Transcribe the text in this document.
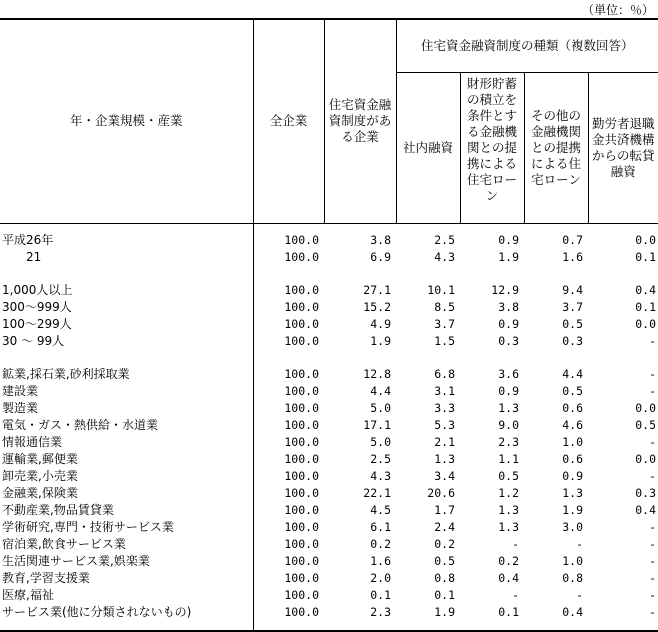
（単位：％）
年・企業規模・産業	全企業	住宅資金融資制度がある企業	住宅資金融資制度の種類（複数回答）			
			社内融資	財形貯蓄の積立を条件とする金融機関との提携による住宅ローン	その他の金融機関との提携による住宅ローン	勤労者退職金共済機構からの転貸融資
平成26年	100.0	3.8	2.5	0.9	0.7	0.0
　　21	100.0	6.9	4.3	1.9	1.6	0.1

1,000人以上	100.0	27.1	10.1	12.9	9.4	0.4
300～999人	100.0	15.2	8.5	3.8	3.7	0.1
100～299人	100.0	4.9	3.7	0.9	0.5	0.0
30 ～ 99人	100.0	1.9	1.5	0.3	0.3	-

鉱業,採石業,砂利採取業	100.0	12.8	6.8	3.6	4.4	-
建設業	100.0	4.4	3.1	0.9	0.5	-
製造業	100.0	5.0	3.3	1.3	0.6	0.0
電気・ガス・熱供給・水道業	100.0	17.1	5.3	9.0	4.6	0.5
情報通信業	100.0	5.0	2.1	2.3	1.0	-
運輸業,郵便業	100.0	2.5	1.3	1.1	0.6	0.0
卸売業,小売業	100.0	4.3	3.4	0.5	0.9	-
金融業,保険業	100.0	22.1	20.6	1.2	1.3	0.3
不動産業,物品賃貸業	100.0	4.5	1.7	1.3	1.9	0.4
学術研究,専門・技術サービス業	100.0	6.1	2.4	1.3	3.0	-
宿泊業,飲食サービス業	100.0	0.2	0.2	-	-	-
生活関連サービス業,娯楽業	100.0	1.6	0.5	0.2	1.0	-
教育,学習支援業	100.0	2.0	0.8	0.4	0.8	-
医療,福祉	100.0	0.1	0.1	-	-	-
サービス業(他に分類されないもの)	100.0	2.3	1.9	0.1	0.4	-
